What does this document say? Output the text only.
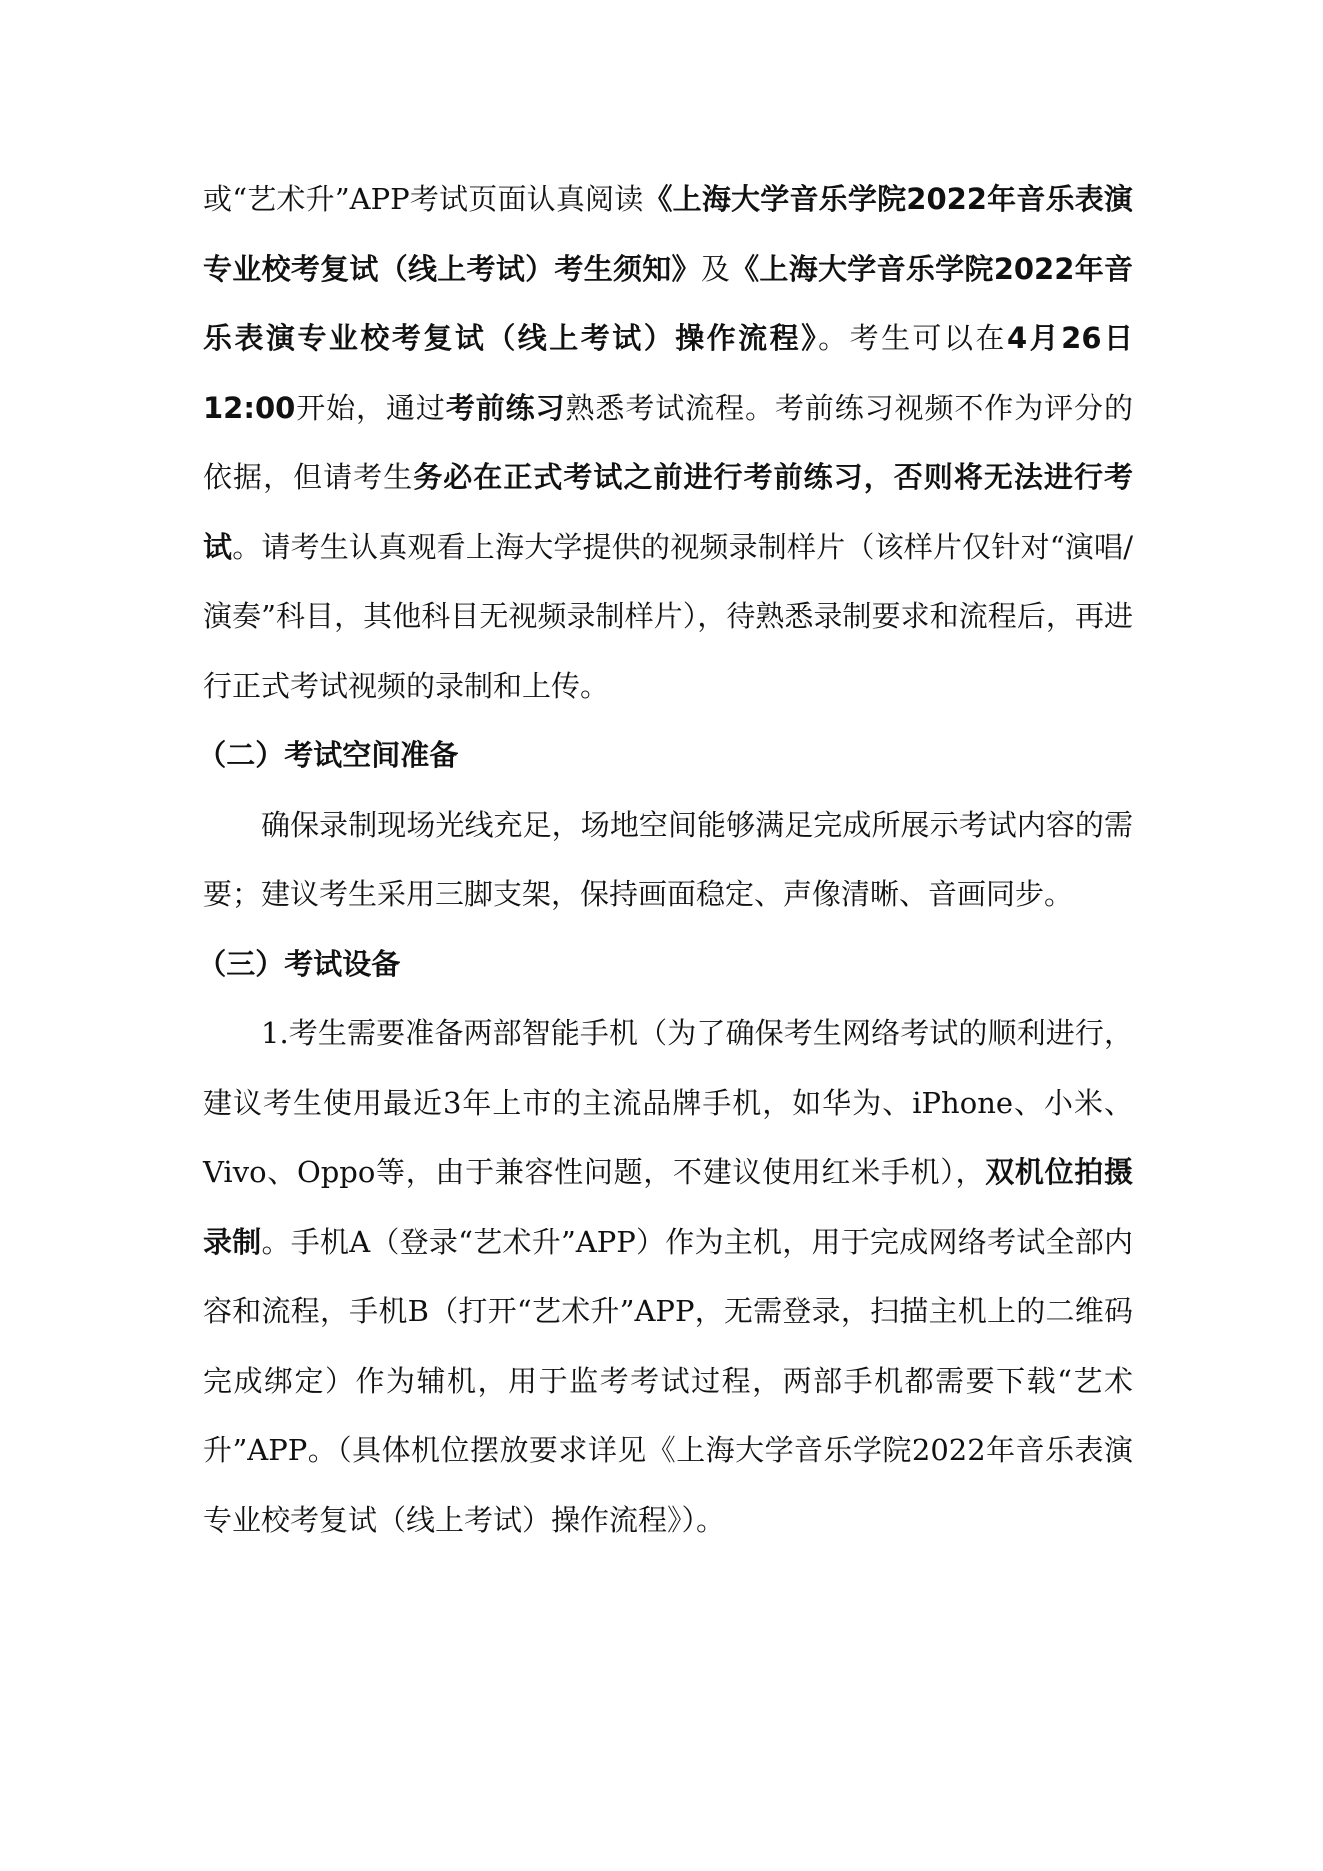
或“艺术升”APP考试页面认真阅读《上海大学音乐学院2022年音乐表演专业校考复试（线上考试）考生须知》及《上海大学音乐学院2022年音乐表演专业校考复试（线上考试）操作流程》。考生可以在4月26日12:00开始，通过考前练习熟悉考试流程。考前练习视频不作为评分的依据，但请考生务必在正式考试之前进行考前练习，否则将无法进行考试。请考生认真观看上海大学提供的视频录制样片（该样片仅针对“演唱/演奏”科目，其他科目无视频录制样片），待熟悉录制要求和流程后，再进行正式考试视频的录制和上传。

（二）考试空间准备

确保录制现场光线充足，场地空间能够满足完成所展示考试内容的需要；建议考生采用三脚支架，保持画面稳定、声像清晰、音画同步。

（三）考试设备

1.考生需要准备两部智能手机（为了确保考生网络考试的顺利进行，建议考生使用最近3年上市的主流品牌手机，如华为、iPhone、小米、Vivo、Oppo等，由于兼容性问题，不建议使用红米手机），双机位拍摄录制。手机A（登录“艺术升”APP）作为主机，用于完成网络考试全部内容和流程，手机B（打开“艺术升”APP，无需登录，扫描主机上的二维码完成绑定）作为辅机，用于监考考试过程，两部手机都需要下载“艺术升”APP。（具体机位摆放要求详见《上海大学音乐学院2022年音乐表演专业校考复试（线上考试）操作流程》）。
